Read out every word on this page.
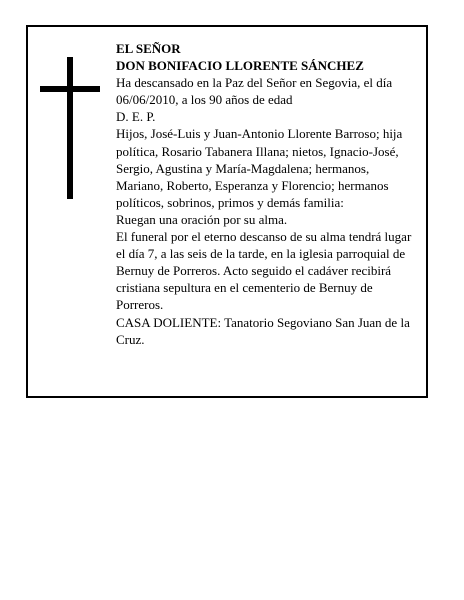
EL SEÑOR

DON BONIFACIO LLORENTE SÁNCHEZ

Ha descansado en la Paz del Señor en Segovia, el día 06/06/2010, a los 90 años de edad

D. E. P.

Hijos, José-Luis y Juan-Antonio Llorente Barroso; hija política, Rosario Tabanera Illana; nietos, Ignacio-José, Sergio, Agustina y María-Magdalena; hermanos, Mariano, Roberto, Esperanza y Florencio; hermanos políticos, sobrinos, primos y demás familia:

Ruegan una oración por su alma.

El funeral por el eterno descanso de su alma tendrá lugar el día 7, a las seis de la tarde, en la iglesia parroquial de Bernuy de Porreros. Acto seguido el cadáver recibirá cristiana sepultura en el cementerio de Bernuy de Porreros.

CASA DOLIENTE: Tanatorio Segoviano San Juan de la Cruz.
